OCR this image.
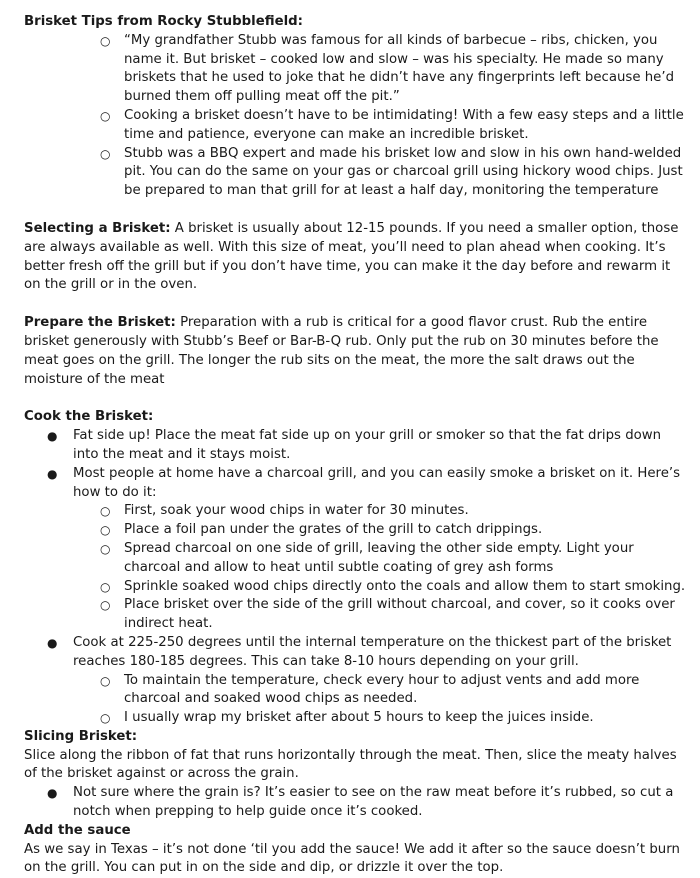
Brisket Tips from Rocky Stubblefield:

○
“My grandfather Stubb was famous for all kinds of barbecue – ribs, chicken, you name it. But brisket – cooked low and slow – was his specialty. He made so many briskets that he used to joke that he didn’t have any fingerprints left because he’d burned them off pulling meat off the pit.”
○
Cooking a brisket doesn’t have to be intimidating! With a few easy steps and a little time and patience, everyone can make an incredible brisket.
○
Stubb was a BBQ expert and made his brisket low and slow in his own hand-welded pit. You can do the same on your gas or charcoal grill using hickory wood chips. Just be prepared to man that grill for at least a half day, monitoring the temperature

Selecting a Brisket: A brisket is usually about 12-15 pounds. If you need a smaller option, those are always available as well. With this size of meat, you’ll need to plan ahead when cooking. It’s better fresh off the grill but if you don’t have time, you can make it the day before and rewarm it on the grill or in the oven.

Prepare the Brisket: Preparation with a rub is critical for a good flavor crust. Rub the entire brisket generously with Stubb’s Beef or Bar-B-Q rub. Only put the rub on 30 minutes before the meat goes on the grill. The longer the rub sits on the meat, the more the salt draws out the moisture of the meat

Cook the Brisket:

●
Fat side up! Place the meat fat side up on your grill or smoker so that the fat drips down into the meat and it stays moist.
●
Most people at home have a charcoal grill, and you can easily smoke a brisket on it. Here’s how to do it:
○
First, soak your wood chips in water for 30 minutes.
○
Place a foil pan under the grates of the grill to catch drippings.
○
Spread charcoal on one side of grill, leaving the other side empty. Light your charcoal and allow to heat until subtle coating of grey ash forms
○
Sprinkle soaked wood chips directly onto the coals and allow them to start smoking.
○
Place brisket over the side of the grill without charcoal, and cover, so it cooks over indirect heat.
●
Cook at 225-250 degrees until the internal temperature on the thickest part of the brisket reaches 180-185 degrees. This can take 8-10 hours depending on your grill.
○
To maintain the temperature, check every hour to adjust vents and add more charcoal and soaked wood chips as needed.
○
I usually wrap my brisket after about 5 hours to keep the juices inside.

Slicing Brisket:

Slice along the ribbon of fat that runs horizontally through the meat. Then, slice the meaty halves of the brisket against or across the grain.

●
Not sure where the grain is? It’s easier to see on the raw meat before it’s rubbed, so cut a notch when prepping to help guide once it’s cooked.

Add the sauce

As we say in Texas – it’s not done ‘til you add the sauce! We add it after so the sauce doesn’t burn on the grill. You can put in on the side and dip, or drizzle it over the top.
